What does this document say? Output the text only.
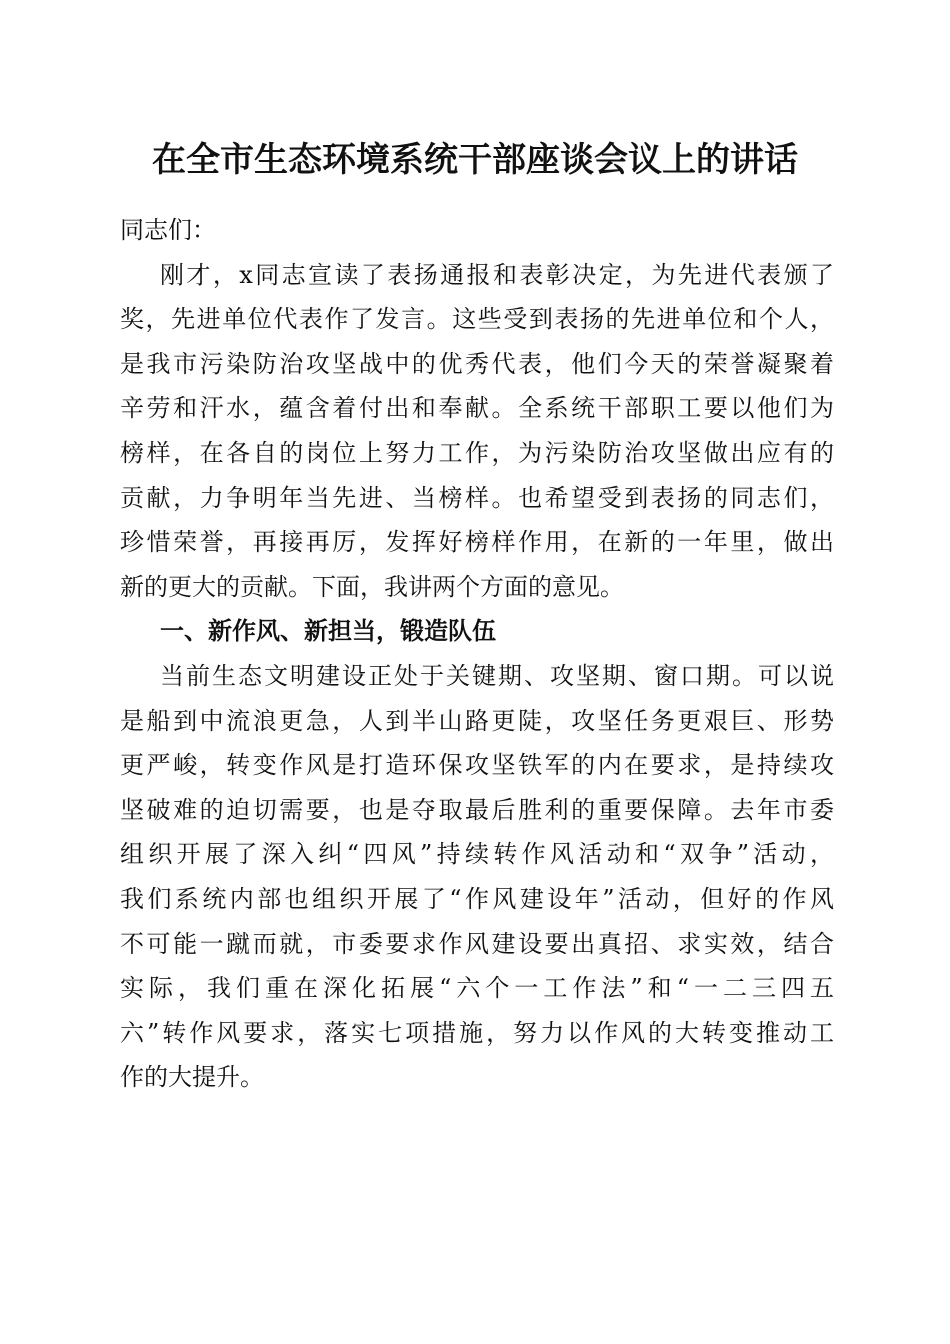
在全市生态环境系统干部座谈会议上的讲话
同志们：
刚才，x同志宣读了表扬通报和表彰决定，为先进代表颁了
奖，先进单位代表作了发言。这些受到表扬的先进单位和个人，
是我市污染防治攻坚战中的优秀代表，他们今天的荣誉凝聚着
辛劳和汗水，蕴含着付出和奉献。全系统干部职工要以他们为
榜样，在各自的岗位上努力工作，为污染防治攻坚做出应有的
贡献，力争明年当先进、当榜样。也希望受到表扬的同志们，
珍惜荣誉，再接再厉，发挥好榜样作用，在新的一年里，做出
新的更大的贡献。下面，我讲两个方面的意见。
一、新作风、新担当，锻造队伍
当前生态文明建设正处于关键期、攻坚期、窗口期。可以说
是船到中流浪更急，人到半山路更陡，攻坚任务更艰巨、形势
更严峻，转变作风是打造环保攻坚铁军的内在要求，是持续攻
坚破难的迫切需要，也是夺取最后胜利的重要保障。去年市委
组织开展了深入纠“四风”持续转作风活动和“双争”活动，
我们系统内部也组织开展了“作风建设年”活动，但好的作风
不可能一蹴而就，市委要求作风建设要出真招、求实效，结合
实际，我们重在深化拓展“六个一工作法”和“一二三四五
六”转作风要求，落实七项措施，努力以作风的大转变推动工
作的大提升。
